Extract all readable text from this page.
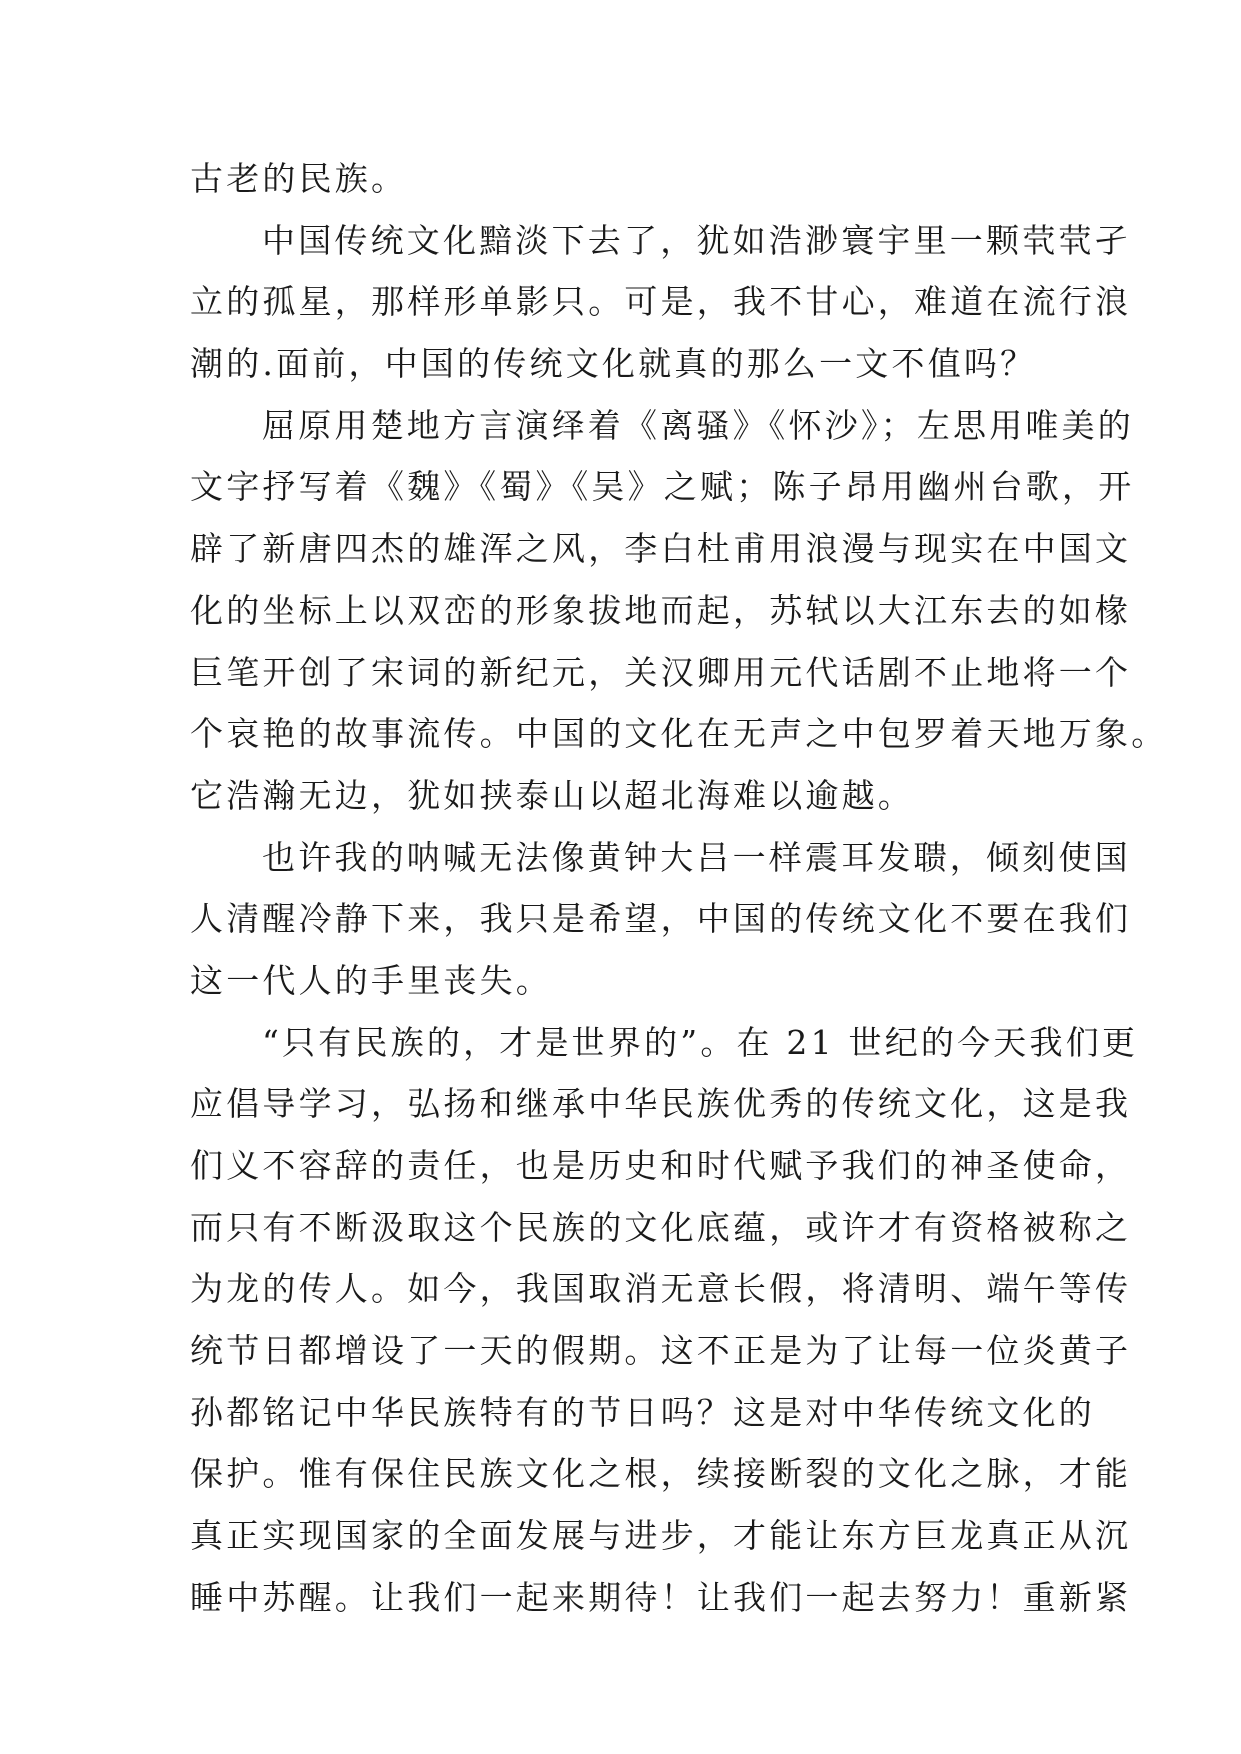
古老的民族。
中国传统文化黯淡下去了，犹如浩渺寰宇里一颗茕茕孑
立的孤星，那样形单影只。可是，我不甘心，难道在流行浪
潮的.面前，中国的传统文化就真的那么一文不值吗？
屈原用楚地方言演绎着《离骚》《怀沙》；左思用唯美的
文字抒写着《魏》《蜀》《吴》之赋；陈子昂用幽州台歌，开
辟了新唐四杰的雄浑之风，李白杜甫用浪漫与现实在中国文
化的坐标上以双峦的形象拔地而起，苏轼以大江东去的如椽
巨笔开创了宋词的新纪元，关汉卿用元代话剧不止地将一个
个哀艳的故事流传。中国的文化在无声之中包罗着天地万象。
它浩瀚无边，犹如挟泰山以超北海难以逾越。
也许我的呐喊无法像黄钟大吕一样震耳发聩，倾刻使国
人清醒冷静下来，我只是希望，中国的传统文化不要在我们
这一代人的手里丧失。
“只有民族的，才是世界的”。在 21 世纪的今天我们更
应倡导学习，弘扬和继承中华民族优秀的传统文化，这是我
们义不容辞的责任，也是历史和时代赋予我们的神圣使命，
而只有不断汲取这个民族的文化底蕴，或许才有资格被称之
为龙的传人。如今，我国取消无意长假，将清明、端午等传
统节日都增设了一天的假期。这不正是为了让每一位炎黄子
孙都铭记中华民族特有的节日吗？这是对中华传统文化的
保护。惟有保住民族文化之根，续接断裂的文化之脉，才能
真正实现国家的全面发展与进步，才能让东方巨龙真正从沉
睡中苏醒。让我们一起来期待！让我们一起去努力！重新紧
